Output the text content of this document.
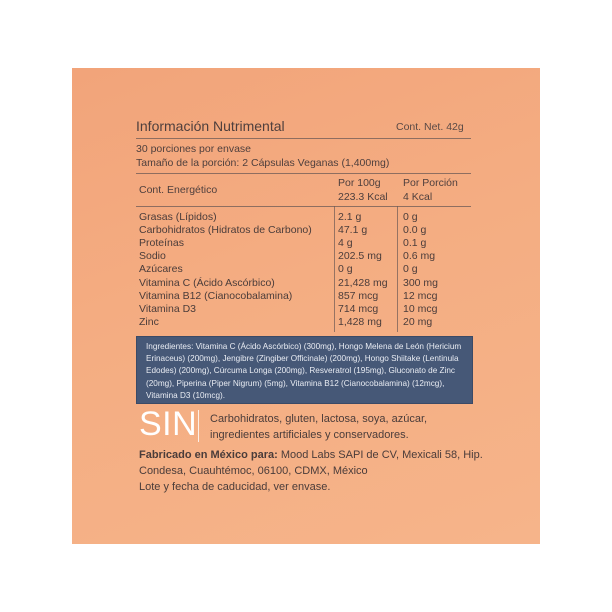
Información Nutrimental	Cont. Net. 42g
30 porciones por envase
Tamaño de la porción: 2 Cápsulas Veganas (1,400mg)
Cont. Energético
Por 100g Por Porción
223.3 Kcal 4 Kcal
Grasas (Lípidos)	2.1 g	0 g
Carbohidratos (Hidratos de Carbono) 47.1 g	0.0 g
Proteínas	4 g	0.1 g
Sodio	202.5 mg 0.6 mg
Azúcares	0 g	0 g
Vitamina C (Ácido Ascórbico)	21,428 mg 300 mg
Vitamina B12 (Cianocobalamina)	857 mcg 12 mcg
Vitamina D3	714 mcg 10 mcg
Zinc	1,428 mg 20 mg
Ingredientes: Vitamina C (Ácido Ascórbico) (300mg), Hongo Melena de León (Hericium Erinaceus) (200mg), Jengibre (Zingiber Officinale) (200mg), Hongo Shiitake (Lentinula Edodes) (200mg), Cúrcuma Longa (200mg), Resveratrol (195mg), Gluconato de Zinc (20mg), Piperina (Piper Nigrum) (5mg), Vitamina B12 (Cianocobalamina) (12mcg), Vitamina D3 (10mcg).
SIN Carbohidratos, gluten, lactosa, soya, azúcar, ingredientes artificiales y conservadores.
Fabricado en México para: Mood Labs SAPI de CV, Mexicali 58, Hip. Condesa, Cuauhtémoc, 06100, CDMX, México
Lote y fecha de caducidad, ver envase.
